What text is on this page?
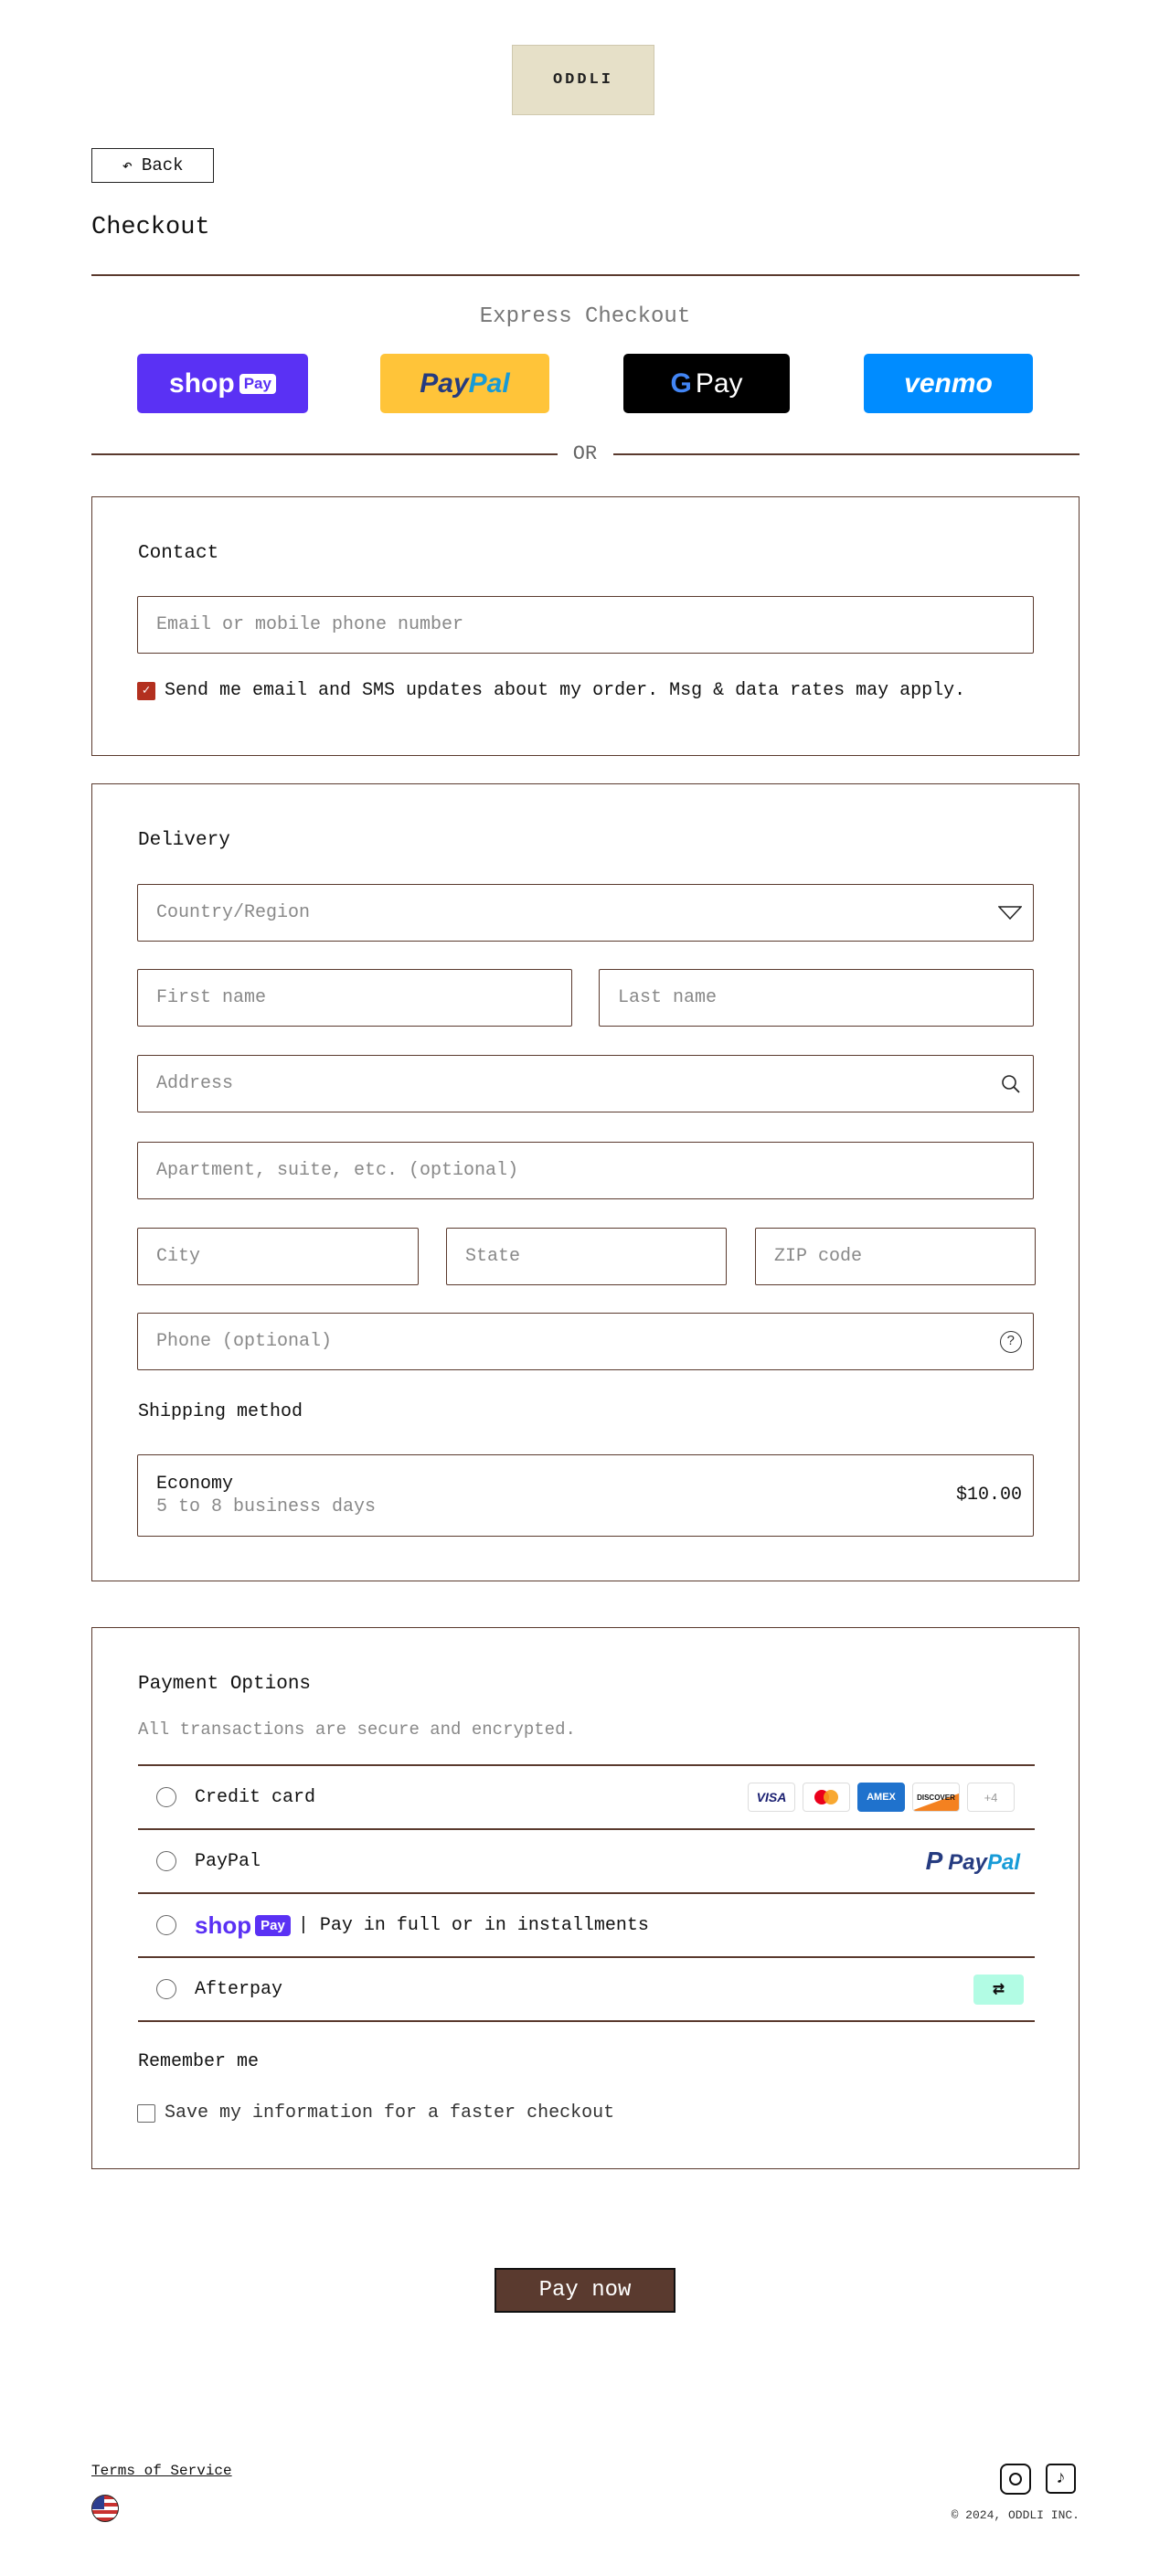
ODDLI
↶ Back
Checkout
Express Checkout
shop Pay	Pay Pal	G Pay	venmo
OR
Contact
Email or mobile phone number
✓ Send me email and SMS updates about my order. Msg & data rates may apply.
Delivery
Country/Region
First name	Last name
Address
Apartment, suite, etc. (optional)
City	State	ZIP code
Phone (optional)	?
Shipping method
Economy
5 to 8 business days
$10.00
Payment Options
All transactions are secure and encrypted.
Credit card	VISA	AMEX	DISCOVER	+4
PayPal	P PayPal
shop Pay | Pay in full or in installments
Afterpay	⇄
Remember me
Save my information for a faster checkout
Pay now
Terms of Service	♪
© 2024, ODDLI INC.
